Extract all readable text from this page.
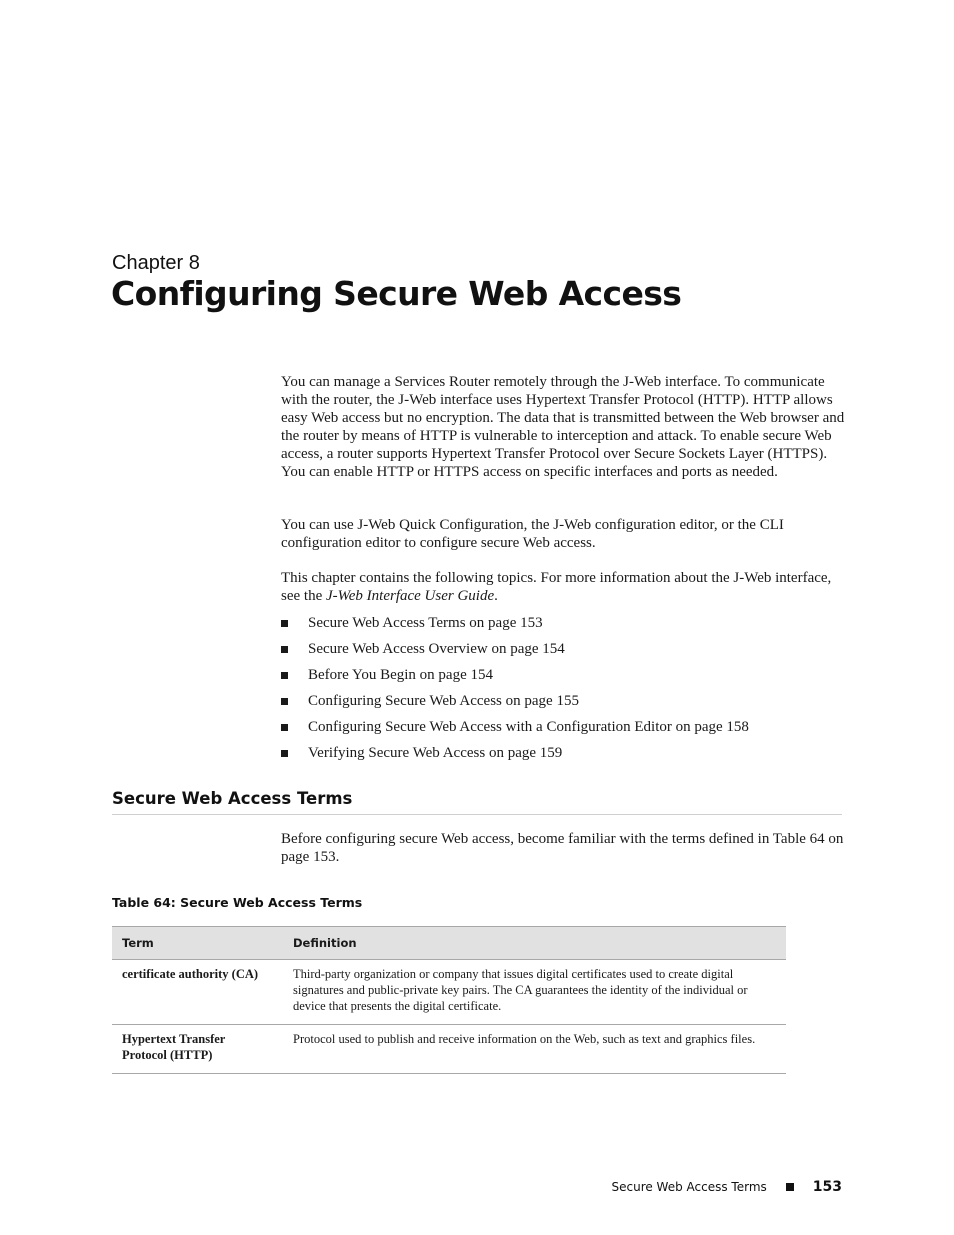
Chapter 8
Configuring Secure Web Access

You can manage a Services Router remotely through the J-Web interface. To communicate with the router, the J-Web interface uses Hypertext Transfer Protocol (HTTP). HTTP allows easy Web access but no encryption. The data that is transmitted between the Web browser and the router by means of HTTP is vulnerable to interception and attack. To enable secure Web access, a router supports Hypertext Transfer Protocol over Secure Sockets Layer (HTTPS). You can enable HTTP or HTTPS access on specific interfaces and ports as needed.

You can use J-Web Quick Configuration, the J-Web configuration editor, or the CLI configuration editor to configure secure Web access.

This chapter contains the following topics. For more information about the J-Web interface, see the J-Web Interface User Guide.

Secure Web Access Terms on page 153
Secure Web Access Overview on page 154
Before You Begin on page 154
Configuring Secure Web Access on page 155
Configuring Secure Web Access with a Configuration Editor on page 158
Verifying Secure Web Access on page 159
Secure Web Access Terms

Before configuring secure Web access, become familiar with the terms defined in Table 64 on page 153.

Table 64: Secure Web Access Terms
Term	Definition
certificate authority (CA)	Third-party organization or company that issues digital certificates used to create digital signatures and public-private key pairs. The CA guarantees the identity of the individual or device that presents the digital certificate.
Hypertext Transfer Protocol (HTTP)	Protocol used to publish and receive information on the Web, such as text and graphics files.
Secure Web Access Terms	153
